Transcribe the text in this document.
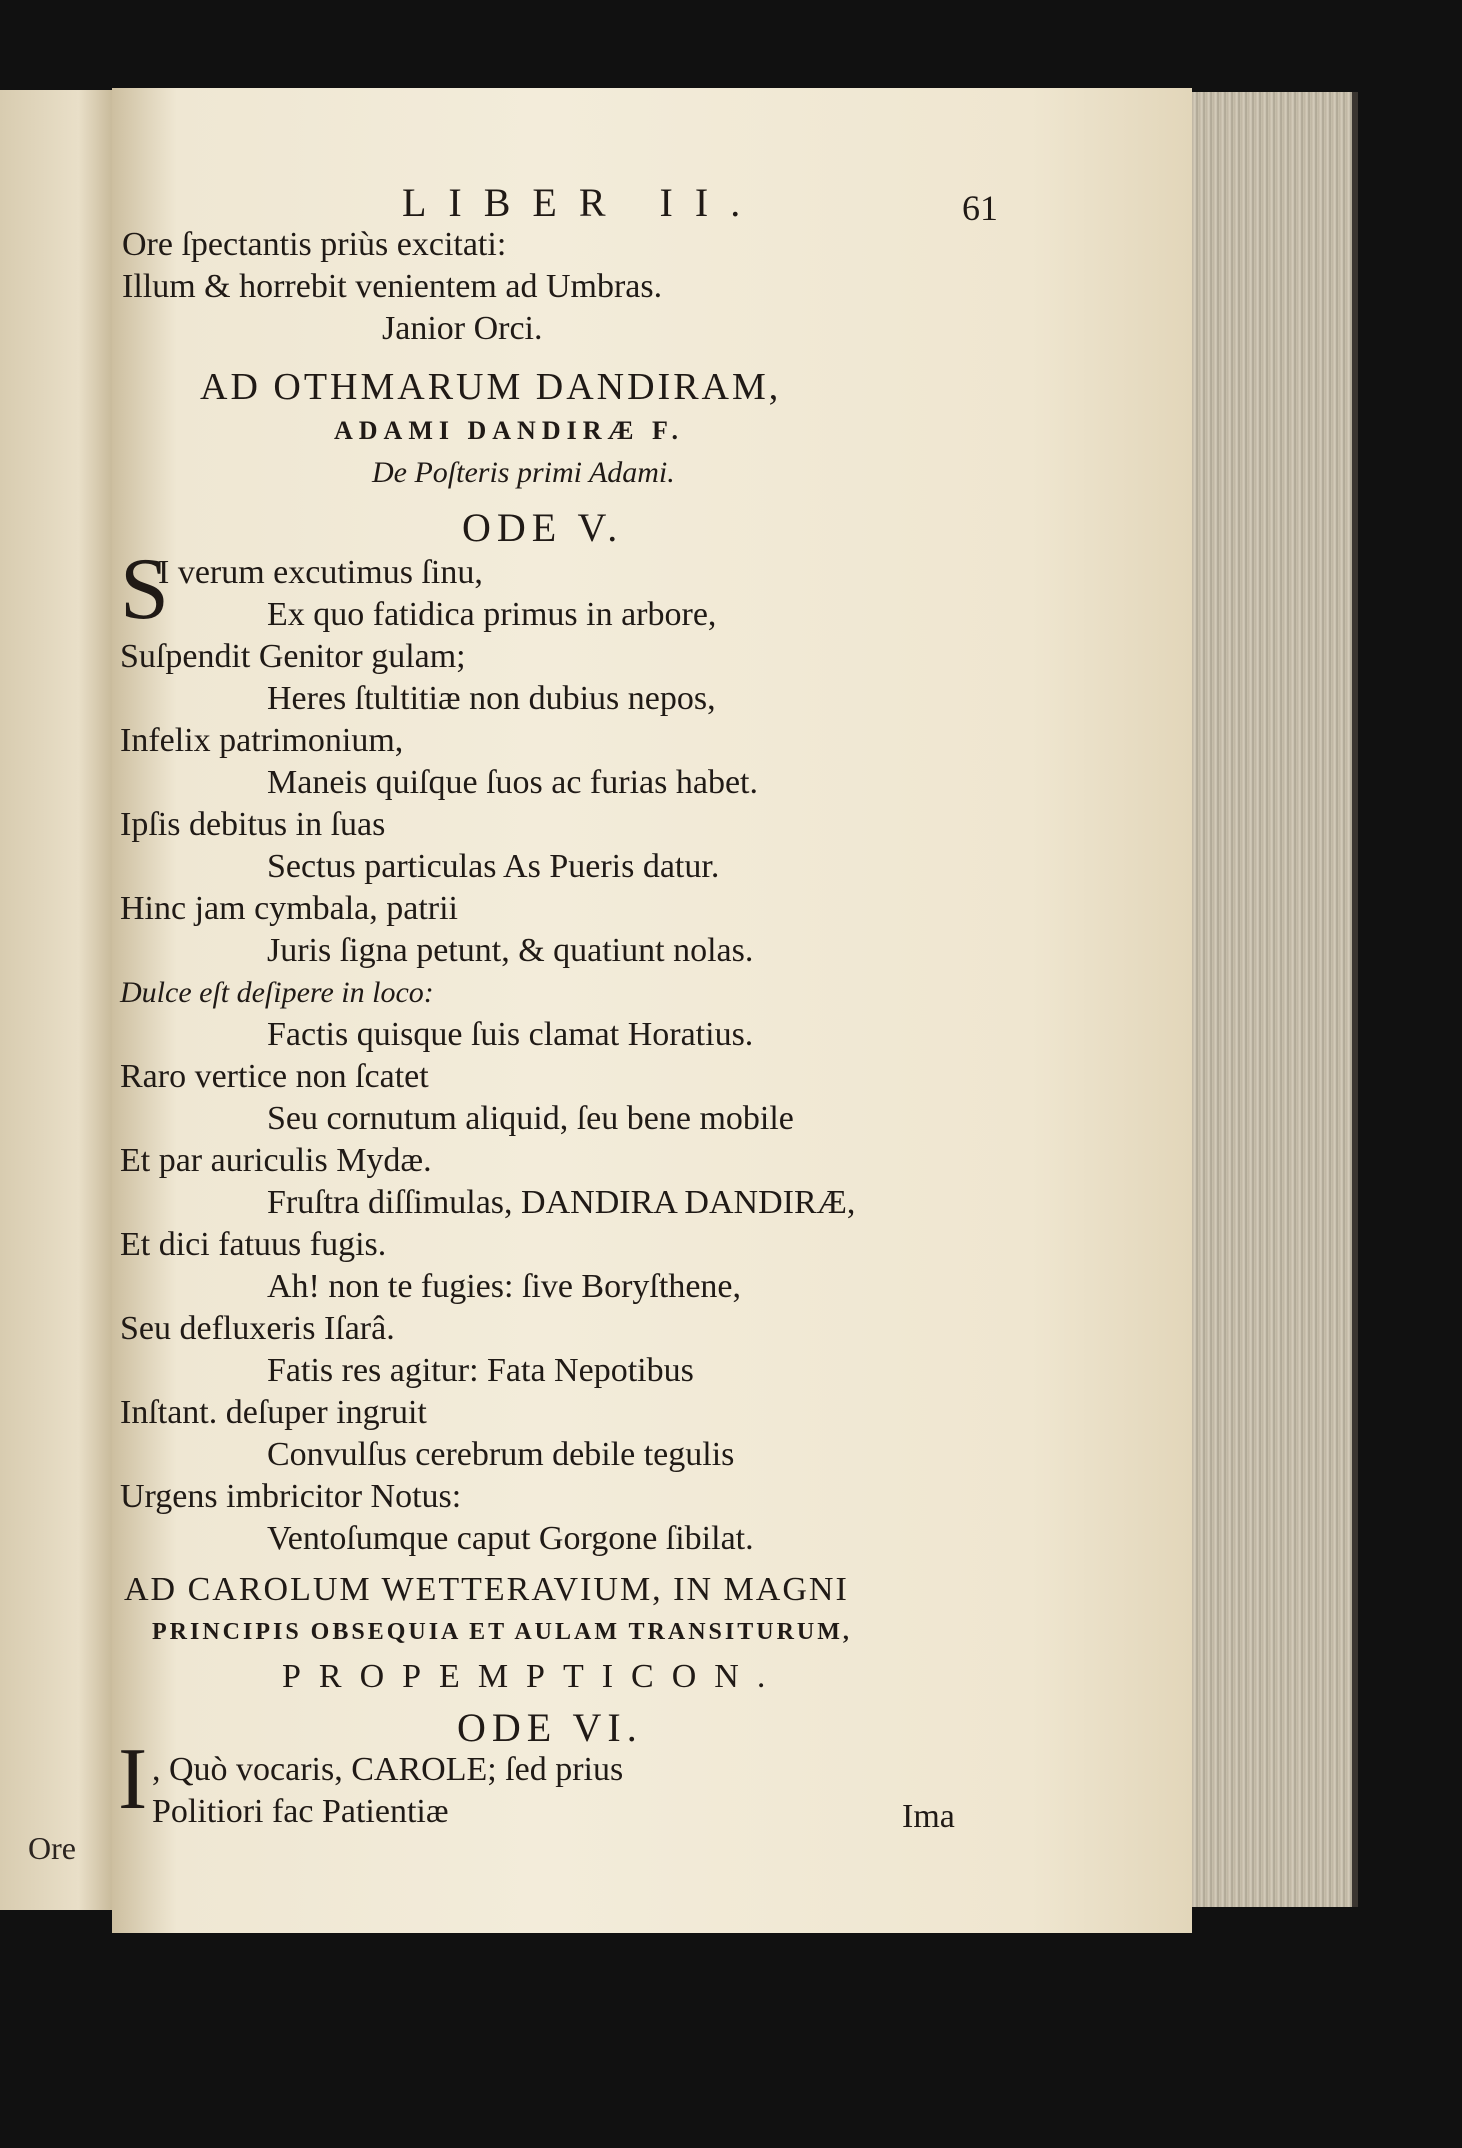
Ore
LIBER II.	61
Ore ſpectantis priùs excitati:
Illum & horrebit venientem ad Umbras.
Janior Orci.
AD OTHMARUM DANDIRAM,
ADAMI DANDIRÆ F.
De Poſteris primi Adami.
ODE V.
S
I verum excutimus ſinu,
Ex quo fatidica primus in arbore,
Suſpendit Genitor gulam;
Heres ſtultitiæ non dubius nepos,
Infelix patrimonium,
Maneis quiſque ſuos ac furias habet.
Ipſis debitus in ſuas
Sectus particulas As Pueris datur.
Hinc jam cymbala, patrii
Juris ſigna petunt, & quatiunt nolas.
Dulce eſt deſipere in loco:
Factis quisque ſuis clamat Horatius.
Raro vertice non ſcatet
Seu cornutum aliquid, ſeu bene mobile
Et par auriculis Mydæ.
Fruſtra diſſimulas, DANDIRA DANDIRÆ,
Et dici fatuus fugis.
Ah! non te fugies: ſive Boryſthene,
Seu defluxeris Iſarâ.
Fatis res agitur: Fata Nepotibus
Inſtant. deſuper ingruit
Convulſus cerebrum debile tegulis
Urgens imbricitor Notus:
Ventoſumque caput Gorgone ſibilat.
AD CAROLUM WETTERAVIUM, IN MAGNI
PRINCIPIS OBSEQUIA ET AULAM TRANSITURUM,
PROPEMPTICON.
ODE VI.
I , Quò vocaris, CAROLE; ſed prius
Politiori fac Patientiæ	Ima
